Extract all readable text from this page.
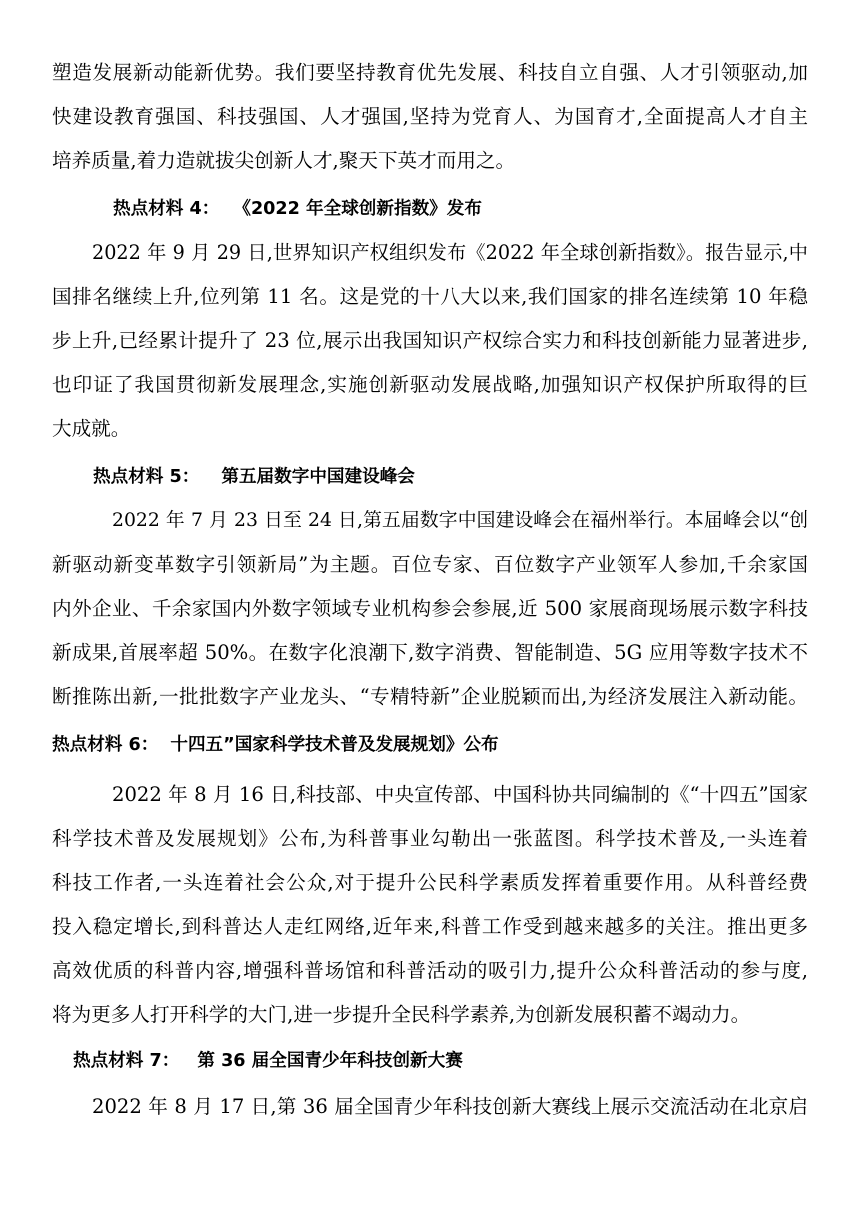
塑造发展新动能新优势。我们要坚持教育优先发展、科技自立自强、人才引领驱动,加
快建设教育强国、科技强国、人才强国,坚持为党育人、为国育才,全面提高人才自主
培养质量,着力造就拔尖创新人才,聚天下英才而用之。
热点材料 4： 《2022 年全球创新指数》发布
2022 年 9 月 29 日,世界知识产权组织发布《2022 年全球创新指数》。报告显示,中
国排名继续上升,位列第 11 名。这是党的十八大以来,我们国家的排名连续第 10 年稳
步上升,已经累计提升了 23 位,展示出我国知识产权综合实力和科技创新能力显著进步,
也印证了我国贯彻新发展理念,实施创新驱动发展战略,加强知识产权保护所取得的巨
大成就。
热点材料 5： 第五届数字中国建设峰会
2022 年 7 月 23 日至 24 日,第五届数字中国建设峰会在福州举行。本届峰会以“创
新驱动新变革数字引领新局”为主题。百位专家、百位数字产业领军人参加,千余家国
内外企业、千余家国内外数字领域专业机构参会参展,近 500 家展商现场展示数字科技
新成果,首展率超 50%。在数字化浪潮下,数字消费、智能制造、5G 应用等数字技术不
断推陈出新,一批批数字产业龙头、“专精特新”企业脱颖而出,为经济发展注入新动能。
热点材料 6： 十四五”国家科学技术普及发展规划》公布
2022 年 8 月 16 日,科技部、中央宣传部、中国科协共同编制的《“十四五”国家
科学技术普及发展规划》公布,为科普事业勾勒出一张蓝图。科学技术普及,一头连着
科技工作者,一头连着社会公众,对于提升公民科学素质发挥着重要作用。从科普经费
投入稳定增长,到科普达人走红网络,近年来,科普工作受到越来越多的关注。推出更多
高效优质的科普内容,增强科普场馆和科普活动的吸引力,提升公众科普活动的参与度,
将为更多人打开科学的大门,进一步提升全民科学素养,为创新发展积蓄不竭动力。
热点材料 7： 第 36 届全国青少年科技创新大赛
2022 年 8 月 17 日,第 36 届全国青少年科技创新大赛线上展示交流活动在北京启
